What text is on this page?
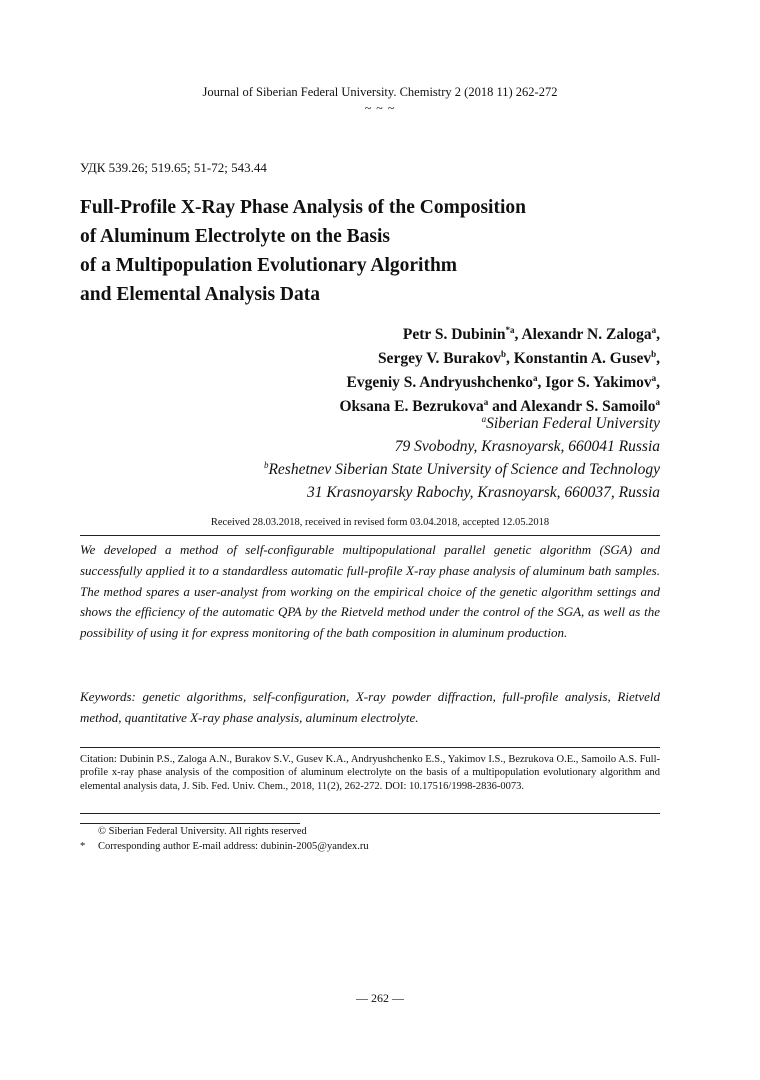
Journal of Siberian Federal University. Chemistry 2 (2018 11) 262-272
~ ~ ~
УДК 539.26; 519.65; 51-72; 543.44
Full-Profile X-Ray Phase Analysis of the Composition
of Aluminum Electrolyte on the Basis
of a Multipopulation Evolutionary Algorithm
and Elemental Analysis Data
Petr S. Dubinin$^{*a}$, Alexandr N. Zaloga$^a$,
Sergey V. Burakov$^b$, Konstantin A. Gusev$^b$,
Evgeniy S. Andryushchenko$^a$, Igor S. Yakimov$^a$,
Oksana E. Bezrukova$^a$ and Alexandr S. Samoilo$^a$
$^a$Siberian Federal University
79 Svobodny, Krasnoyarsk, 660041 Russia
$^b$Reshetnev Siberian State University of Science and Technology
31 Krasnoyarsky Rabochy, Krasnoyarsk, 660037, Russia
Received 28.03.2018, received in revised form 03.04.2018, accepted 12.05.2018
We developed a method of self-configurable multipopulational parallel genetic algorithm (SGA) and successfully applied it to a standardless automatic full-profile X-ray phase analysis of aluminum bath samples. The method spares a user-analyst from working on the empirical choice of the genetic algorithm settings and shows the efficiency of the automatic QPA by the Rietveld method under the control of the SGA, as well as the possibility of using it for express monitoring of the bath composition in aluminum production.
Keywords: genetic algorithms, self-configuration, X-ray powder diffraction, full-profile analysis, Rietveld method, quantitative X-ray phase analysis, aluminum electrolyte.
Citation: Dubinin P.S., Zaloga A.N., Burakov S.V., Gusev K.A., Andryushchenko E.S., Yakimov I.S., Bezrukova O.E., Samoilo A.S. Full-profile x-ray phase analysis of the composition of aluminum electrolyte on the basis of a multipopulation evolutionary algorithm and elemental analysis data, J. Sib. Fed. Univ. Chem., 2018, 11(2), 262-272. DOI: 10.17516/1998-2836-0073.
© Siberian Federal University. All rights reserved
* Corresponding author E-mail address: dubinin-2005@yandex.ru
— 262 —
